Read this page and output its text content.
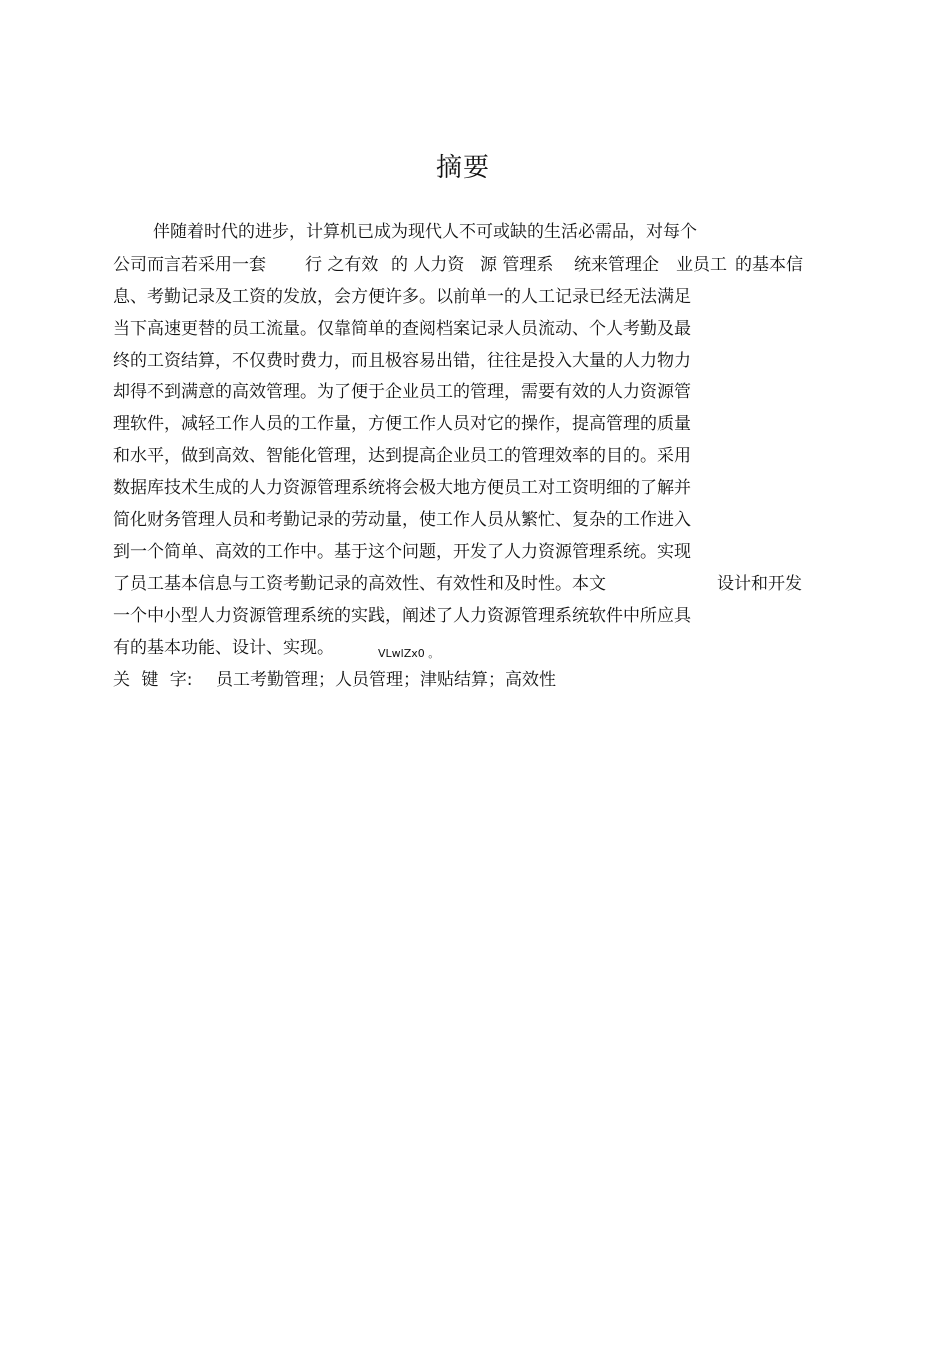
摘要
伴随着时代的进步，计算机已成为现代人不可或缺的生活必需品，对每个
公司而言若采用一套 行 之有效 的 人力资 源 管理系 统来管理企 业员工 的基本信
息、考勤记录及工资的发放，会方便许多。以前单一的人工记录已经无法满足
当下高速更替的员工流量。仅靠简单的查阅档案记录人员流动、个人考勤及最
终的工资结算，不仅费时费力，而且极容易出错，往往是投入大量的人力物力
却得不到满意的高效管理。为了便于企业员工的管理，需要有效的人力资源管
理软件，减轻工作人员的工作量，方便工作人员对它的操作，提高管理的质量
和水平，做到高效、智能化管理，达到提高企业员工的管理效率的目的。采用
数据库技术生成的人力资源管理系统将会极大地方便员工对工资明细的了解并
简化财务管理人员和考勤记录的劳动量，使工作人员从繁忙、复杂的工作进入
到一个简单、高效的工作中。基于这个问题，开发了人力资源管理系统。实现
了员工基本信息与工资考勤记录的高效性、有效性和及时性。本文	设计和开发
一个中小型人力资源管理系统的实践，阐述了人力资源管理系统软件中所应具
有的基本功能、设计、实现。	$_{VLwlZx0 。}$
关 键 字: 员工考勤管理；人员管理；津贴结算；高效性
